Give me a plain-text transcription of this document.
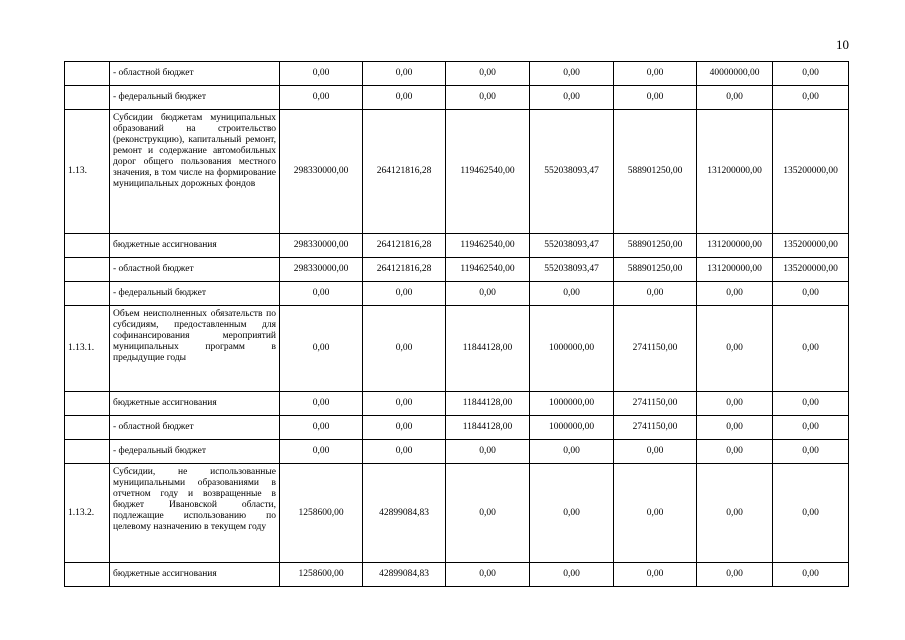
10
	- областной бюджет	0,00	0,00	0,00	0,00	0,00	40000000,00	0,00
	- федеральный бюджет	0,00	0,00	0,00	0,00	0,00	0,00	0,00
1.13.	Субсидии бюджетам муниципальных образований на строительство (реконструкцию), капитальный ремонт, ремонт и содержание автомобильных дорог общего пользования местного значения, в том числе на формирование муниципальных дорожных фондов	298330000,00	264121816,28	119462540,00	552038093,47	588901250,00	131200000,00	135200000,00
	бюджетные ассигнования	298330000,00	264121816,28	119462540,00	552038093,47	588901250,00	131200000,00	135200000,00
	- областной бюджет	298330000,00	264121816,28	119462540,00	552038093,47	588901250,00	131200000,00	135200000,00
	- федеральный бюджет	0,00	0,00	0,00	0,00	0,00	0,00	0,00
1.13.1.	Объем неисполненных обязательств по субсидиям, предоставленным для софинансирования мероприятий муниципальных программ в предыдущие годы	0,00	0,00	11844128,00	1000000,00	2741150,00	0,00	0,00
	бюджетные ассигнования	0,00	0,00	11844128,00	1000000,00	2741150,00	0,00	0,00
	- областной бюджет	0,00	0,00	11844128,00	1000000,00	2741150,00	0,00	0,00
	- федеральный бюджет	0,00	0,00	0,00	0,00	0,00	0,00	0,00
1.13.2.	Субсидии, не использованные муниципальными образованиями в отчетном году и возвращенные в бюджет Ивановской области, подлежащие использованию по целевому назначению в текущем году	1258600,00	42899084,83	0,00	0,00	0,00	0,00	0,00
	бюджетные ассигнования	1258600,00	42899084,83	0,00	0,00	0,00	0,00	0,00
